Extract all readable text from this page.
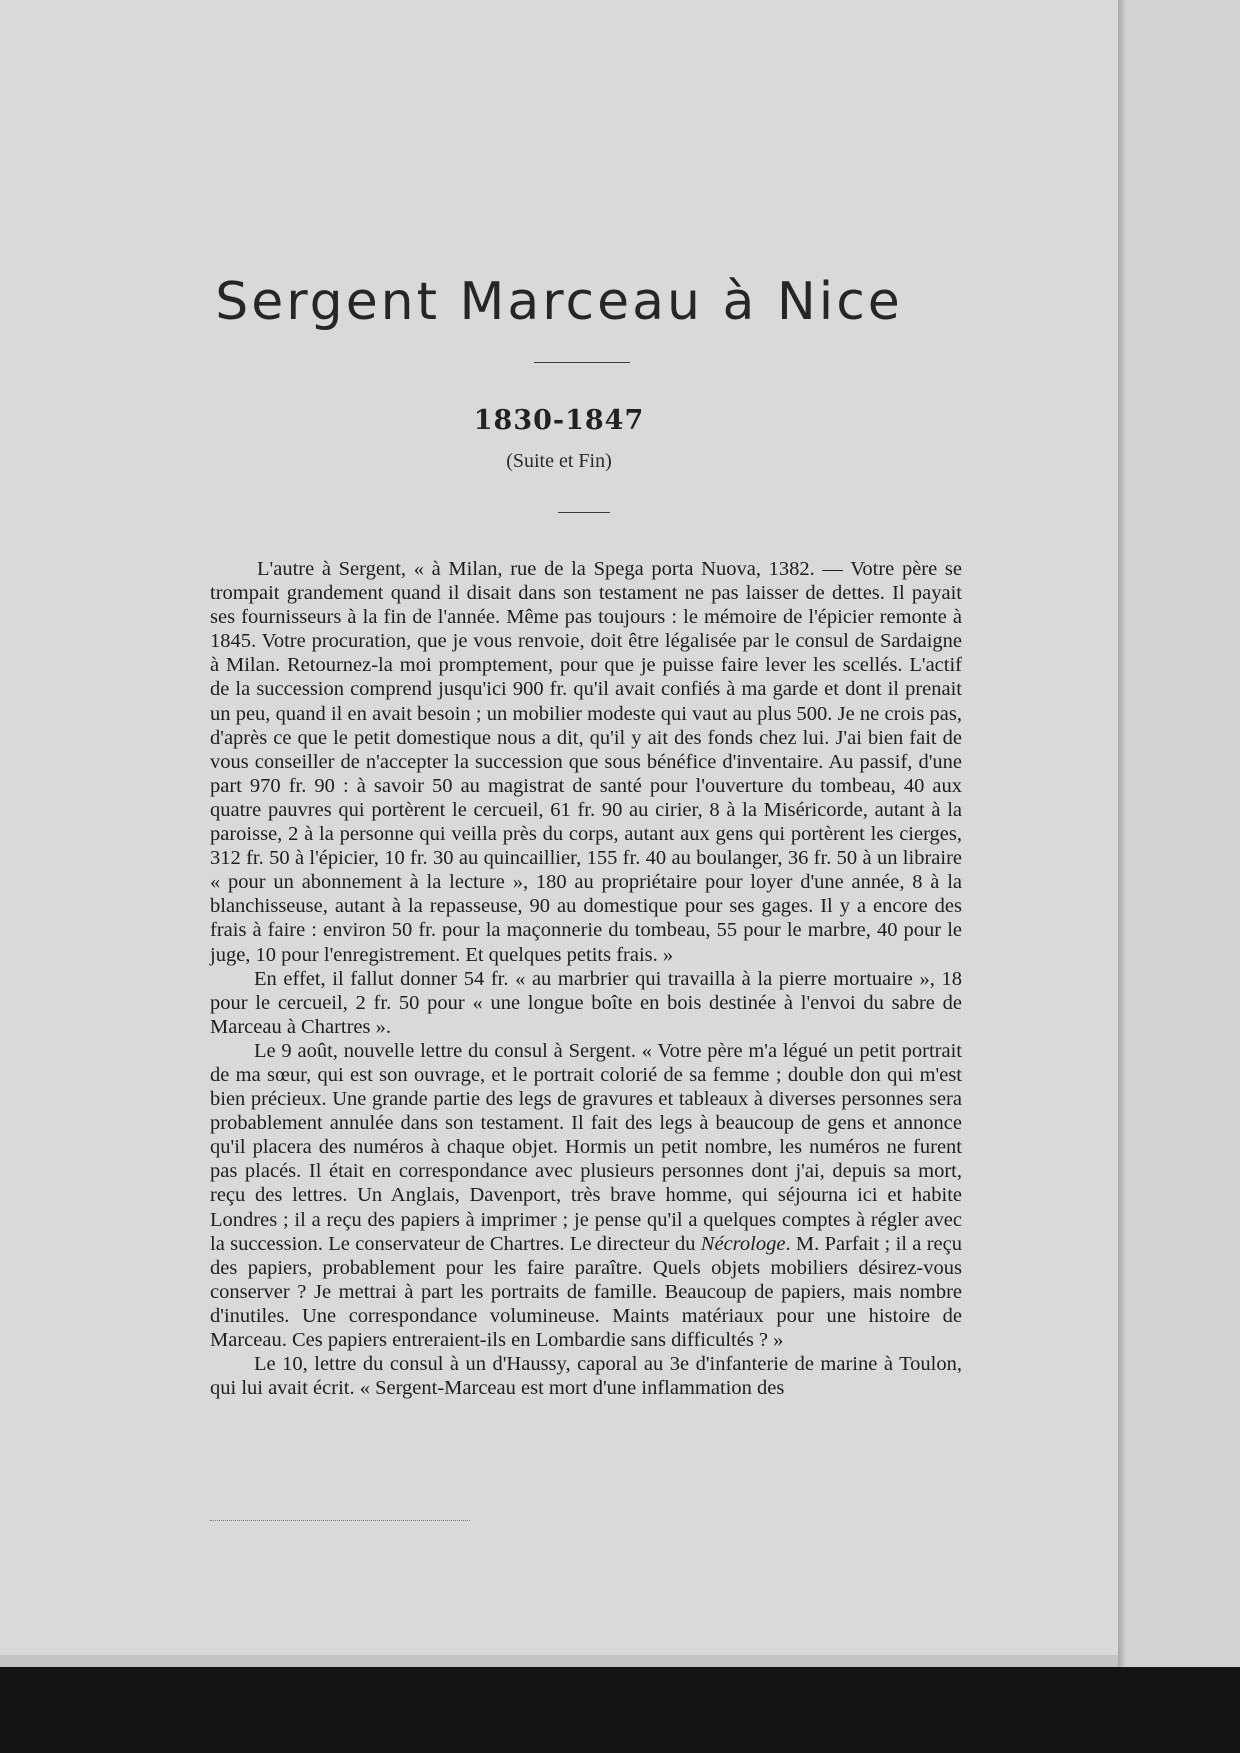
Sergent Marceau à Nice
1830-1847
(Suite et Fin)

L'autre à Sergent, « à Milan, rue de la Spega porta Nuova, 1382. — Votre père se trompait grandement quand il disait dans son testament ne pas laisser de dettes. Il payait ses fournisseurs à la fin de l'année. Même pas toujours : le mémoire de l'épicier remonte à 1845. Votre procuration, que je vous renvoie, doit être légalisée par le consul de Sardaigne à Milan. Retournez-la moi promptement, pour que je puisse faire lever les scellés. L'actif de la succession comprend jusqu'ici 900 fr. qu'il avait confiés à ma garde et dont il prenait un peu, quand il en avait besoin ; un mobilier modeste qui vaut au plus 500. Je ne crois pas, d'après ce que le petit domestique nous a dit, qu'il y ait des fonds chez lui. J'ai bien fait de vous conseiller de n'accepter la succession que sous bénéfice d'inventaire. Au passif, d'une part 970 fr. 90 : à savoir 50 au magistrat de santé pour l'ouverture du tombeau, 40 aux quatre pauvres qui portèrent le cercueil, 61 fr. 90 au cirier, 8 à la Miséricorde, autant à la paroisse, 2 à la personne qui veilla près du corps, autant aux gens qui portèrent les cierges, 312 fr. 50 à l'épicier, 10 fr. 30 au quincaillier, 155 fr. 40 au boulanger, 36 fr. 50 à un libraire « pour un abonnement à la lecture », 180 au propriétaire pour loyer d'une année, 8 à la blanchisseuse, autant à la repasseuse, 90 au domestique pour ses gages. Il y a encore des frais à faire : environ 50 fr. pour la maçonnerie du tombeau, 55 pour le marbre, 40 pour le juge, 10 pour l'enregistrement. Et quelques petits frais. »

En effet, il fallut donner 54 fr. « au marbrier qui travailla à la pierre mortuaire », 18 pour le cercueil, 2 fr. 50 pour « une longue boîte en bois destinée à l'envoi du sabre de Marceau à Chartres ».

Le 9 août, nouvelle lettre du consul à Sergent. « Votre père m'a légué un petit portrait de ma sœur, qui est son ouvrage, et le portrait colorié de sa femme ; double don qui m'est bien précieux. Une grande partie des legs de gravures et tableaux à diverses personnes sera probablement annulée dans son testament. Il fait des legs à beaucoup de gens et annonce qu'il placera des numéros à chaque objet. Hormis un petit nombre, les numéros ne furent pas placés. Il était en correspondance avec plusieurs personnes dont j'ai, depuis sa mort, reçu des lettres. Un Anglais, Davenport, très brave homme, qui séjourna ici et habite Londres ; il a reçu des papiers à imprimer ; je pense qu'il a quelques comptes à régler avec la succession. Le conservateur de Chartres. Le directeur du Nécrologe. M. Parfait ; il a reçu des papiers, probablement pour les faire paraître. Quels objets mobiliers désirez-vous conserver ? Je mettrai à part les portraits de famille. Beaucoup de papiers, mais nombre d'inutiles. Une correspondance volumineuse. Maints matériaux pour une histoire de Marceau. Ces papiers entreraient-ils en Lombardie sans difficultés ? »

Le 10, lettre du consul à un d'Haussy, caporal au 3e d'infanterie de marine à Toulon, qui lui avait écrit. « Sergent-Marceau est mort d'une inflammation des
